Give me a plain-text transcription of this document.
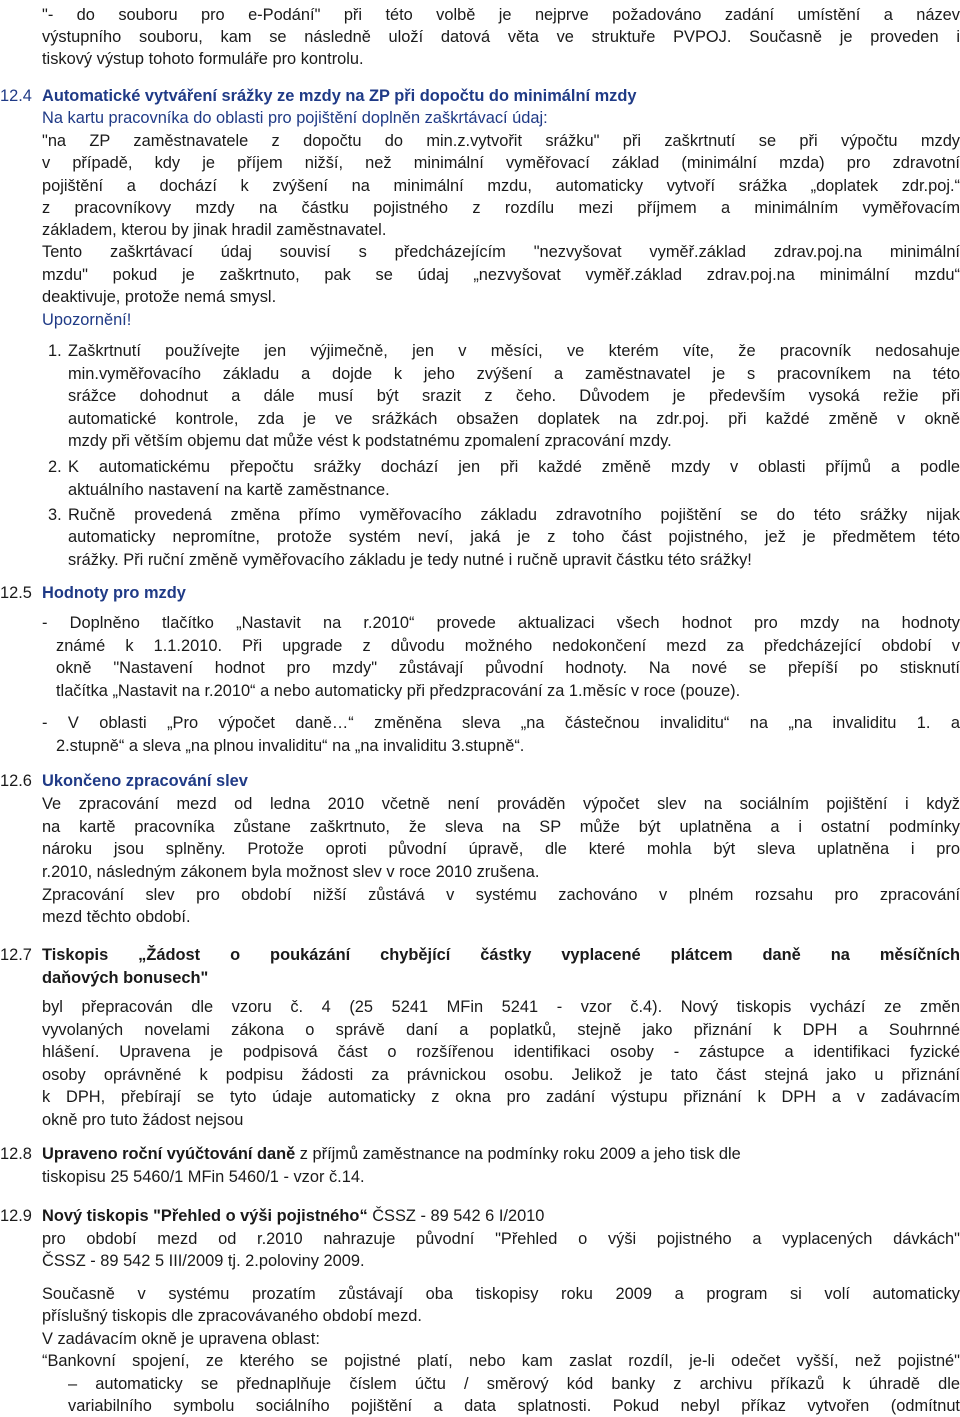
"- do souboru pro e-Podání" při této volbě je nejprve požadováno zadání umístění a název
výstupního souboru, kam se následně uloží datová věta ve struktuře PVPOJ. Současně je proveden i
tiskový výstup tohoto formuláře pro kontrolu.
12.4 Automatické vytváření srážky ze mzdy na ZP při dopočtu do minimální mzdy
Na kartu pracovníka do oblasti pro pojištění doplněn zaškrtávací údaj:
"na ZP zaměstnavatele z dopočtu do min.z.vytvořit srážku" při zaškrtnutí se při výpočtu mzdy
v případě, kdy je příjem nižší, než minimální vyměřovací základ (minimální mzda) pro zdravotní
pojištění a dochází k zvýšení na minimální mzdu, automaticky vytvoří srážka „doplatek zdr.poj.“
z pracovníkovy mzdy na částku pojistného z rozdílu mezi příjmem a minimálním vyměřovacím
základem, kterou by jinak hradil zaměstnavatel.
Tento zaškrtávací údaj souvisí s předcházejícím "nezvyšovat vyměř.základ zdrav.poj.na minimální
mzdu" pokud je zaškrtnuto, pak se údaj „nezvyšovat vyměř.základ zdrav.poj.na minimální mzdu“
deaktivuje, protože nemá smysl.
Upozornění!
1. Zaškrtnutí používejte jen výjimečně, jen v měsíci, ve kterém víte, že pracovník nedosahuje
min.vyměřovacího základu a dojde k jeho zvýšení a zaměstnavatel je s pracovníkem na této
srážce dohodnut a dále musí být srazit z čeho. Důvodem je především vysoká režie při
automatické kontrole, zda je ve srážkách obsažen doplatek na zdr.poj. při každé změně v okně
mzdy při větším objemu dat může vést k podstatnému zpomalení zpracování mzdy.
2. K automatickému přepočtu srážky dochází jen při každé změně mzdy v oblasti příjmů a podle
aktuálního nastavení na kartě zaměstnance.
3. Ručně provedená změna přímo vyměřovacího základu zdravotního pojištění se do této srážky nijak
automaticky nepromítne, protože systém neví, jaká je z toho část pojistného, jež je předmětem této
srážky. Při ruční změně vyměřovacího základu je tedy nutné i ručně upravit částku této srážky!
12.5 Hodnoty pro mzdy
- Doplněno tlačítko „Nastavit na r.2010“ provede aktualizaci všech hodnot pro mzdy na hodnoty
známé k 1.1.2010. Při upgrade z důvodu možného nedokončení mezd za předcházející období v
okně "Nastavení hodnot pro mzdy" zůstávají původní hodnoty. Na nové se přepíší po stisknutí
tlačítka „Nastavit na r.2010“ a nebo automaticky při předzpracování za 1.měsíc v roce (pouze).
- V oblasti „Pro výpočet daně…“ změněna sleva „na částečnou invaliditu“ na „na invaliditu 1. a
2.stupně“ a sleva „na plnou invaliditu“ na „na invaliditu 3.stupně“.
12.6 Ukončeno zpracování slev
Ve zpracování mezd od ledna 2010 včetně není prováděn výpočet slev na sociálním pojištění i když
na kartě pracovníka zůstane zaškrtnuto, že sleva na SP může být uplatněna a i ostatní podmínky
nároku jsou splněny. Protože oproti původní úpravě, dle které mohla být sleva uplatněna i pro
r.2010, následným zákonem byla možnost slev v roce 2010 zrušena.
Zpracování slev pro období nižší zůstává v systému zachováno v plném rozsahu pro zpracování
mezd těchto období.
12.7 Tiskopis „Žádost o poukázání chybějící částky vyplacené plátcem daně na měsíčních
daňových bonusech"
byl přepracován dle vzoru č. 4 (25 5241 MFin 5241 - vzor č.4). Nový tiskopis vychází ze změn
vyvolaných novelami zákona o správě daní a poplatků, stejně jako přiznání k DPH a Souhrnné
hlášení. Upravena je podpisová část o rozšířenou identifikaci osoby - zástupce a identifikaci fyzické
osoby oprávněné k podpisu žádosti za právnickou osobu. Jelikož je tato část stejná jako u přiznání
k DPH, přebírají se tyto údaje automaticky z okna pro zadání výstupu přiznání k DPH a v zadávacím
okně pro tuto žádost nejsou
12.8 Upraveno roční vyúčtování daně z příjmů zaměstnance na podmínky roku 2009 a jeho tisk dle
tiskopisu 25 5460/1 MFin 5460/1 - vzor č.14.
12.9 Nový tiskopis "Přehled o výši pojistného“ ČSSZ - 89 542 6 I/2010
pro období mezd od r.2010 nahrazuje původní "Přehled o výši pojistného a vyplacených dávkách"
ČSSZ - 89 542 5 III/2009 tj. 2.poloviny 2009.
Současně v systému prozatím zůstávají oba tiskopisy roku 2009 a program si volí automaticky
příslušný tiskopis dle zpracovávaného období mezd.
V zadávacím okně je upravena oblast:
“Bankovní spojení, ze kterého se pojistné platí, nebo kam zaslat rozdíl, je-li odečet vyšší, než pojistné"
– automaticky se přednaplňuje číslem účtu / směrový kód banky z archivu příkazů k úhradě dle
variabilního symbolu sociálního pojištění a data splatnosti. Pokud nebyl příkaz vytvořen (odmítnut
